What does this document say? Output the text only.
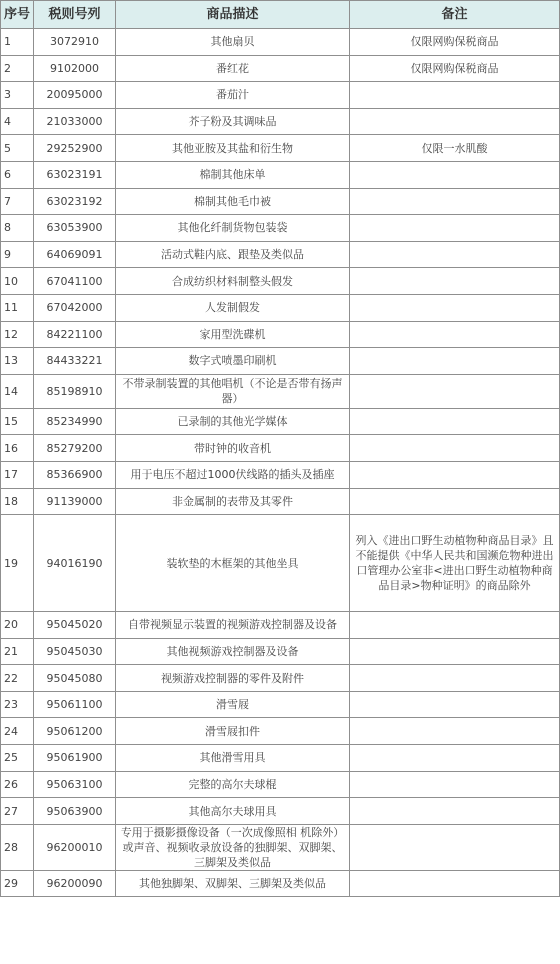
序号	税则号列	商品描述	备注
1	3072910	其他扇贝	仅限网购保税商品
2	9102000	番红花	仅限网购保税商品
3	20095000	番茄汁	
4	21033000	芥子粉及其调味品	
5	29252900	其他亚胺及其盐和衍生物	仅限一水肌酸
6	63023191	棉制其他床单	
7	63023192	棉制其他毛巾被	
8	63053900	其他化纤制货物包装袋	
9	64069091	活动式鞋内底、跟垫及类似品	
10	67041100	合成纺织材料制整头假发	
11	67042000	人发制假发	
12	84221100	家用型洗碟机	
13	84433221	数字式喷墨印刷机	
14	85198910	不带录制装置的其他唱机（不论是否带有扬声器）	
15	85234990	已录制的其他光学媒体	
16	85279200	带时钟的收音机	
17	85366900	用于电压不超过1000伏线路的插头及插座	
18	91139000	非金属制的表带及其零件	
19	94016190	装软垫的木框架的其他坐具	列入《进出口野生动植物种商品目录》且不能提供《中华人民共和国濒危物种进出口管理办公室非<进出口野生动植物种商品目录>物种证明》的商品除外
20	95045020	自带视频显示装置的视频游戏控制器及设备	
21	95045030	其他视频游戏控制器及设备	
22	95045080	视频游戏控制器的零件及附件	
23	95061100	滑雪屐	
24	95061200	滑雪屐扣件	
25	95061900	其他滑雪用具	
26	95063100	完整的高尔夫球棍	
27	95063900	其他高尔夫球用具	
28	96200010	专用于摄影摄像设备（一次成像照相 机除外）或声音、视频收录放设备的独脚架、双脚架、三脚架及类似品	
29	96200090	其他独脚架、双脚架、三脚架及类似品	
